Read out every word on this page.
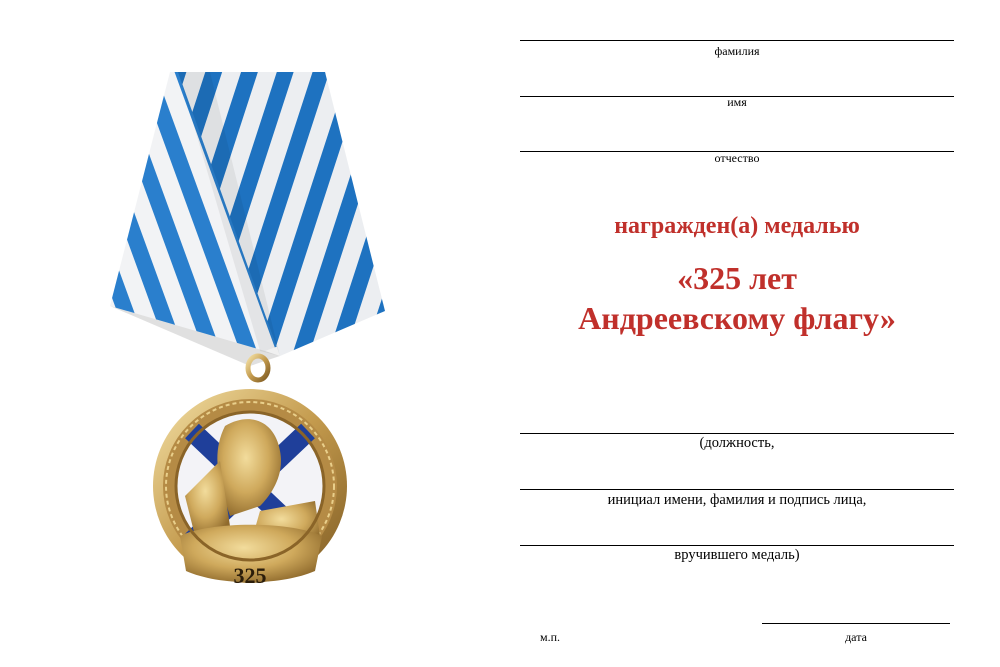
325
фамилия
имя
отчество
награжден(а) медалью
«325 лет
Андреевскому флагу»
(должность,
инициал имени, фамилия и подпись лица,
вручившего медаль)
м.п.	дата
